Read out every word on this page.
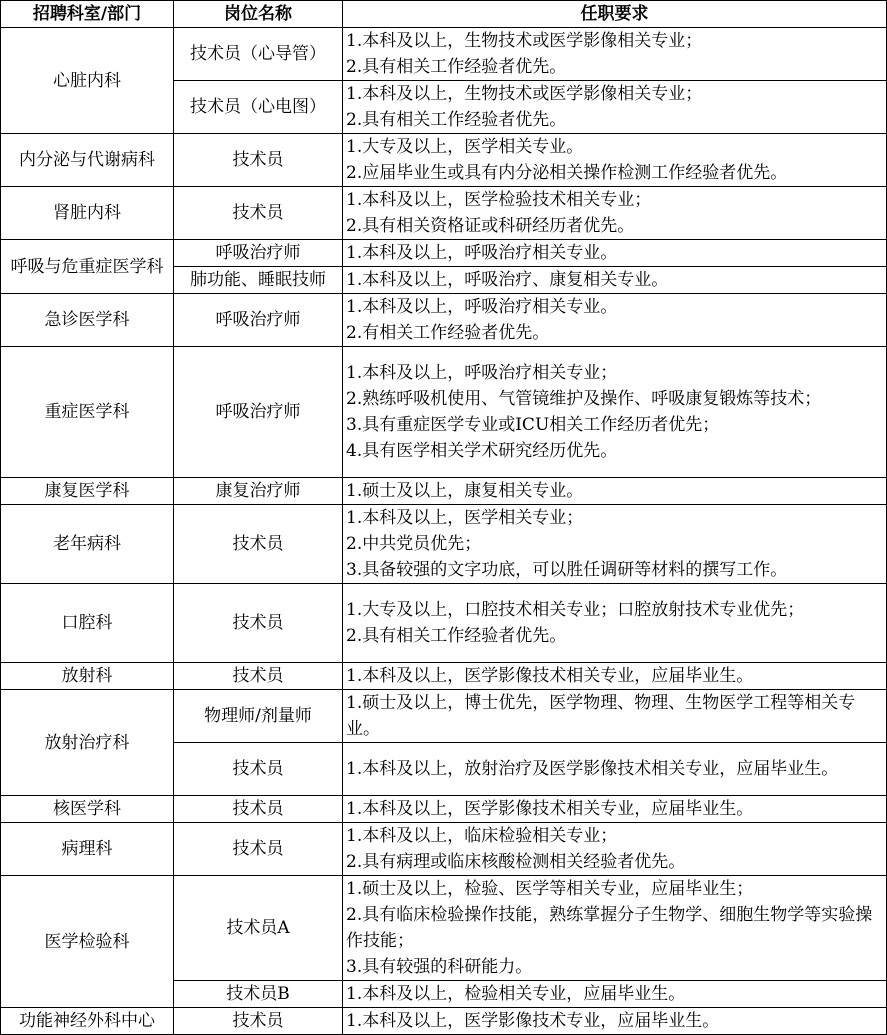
招聘科室/部门	岗位名称	任职要求
心脏内科	技术员（心导管）	1.本科及以上，生物技术或医学影像相关专业；
2.具有相关工作经验者优先。

	技术员（心电图）	1.本科及以上，生物技术或医学影像相关专业；
2.具有相关工作经验者优先。

内分泌与代谢病科	技术员	1.大专及以上，医学相关专业。
2.应届毕业生或具有内分泌相关操作检测工作经验者优先。

肾脏内科	技术员	1.本科及以上，医学检验技术相关专业；
2.具有相关资格证或科研经历者优先。

呼吸与危重症医学科	呼吸治疗师	1.本科及以上，呼吸治疗相关专业。

	肺功能、睡眠技师	1.本科及以上，呼吸治疗、康复相关专业。

急诊医学科	呼吸治疗师	1.本科及以上，呼吸治疗相关专业。
2.有相关工作经验者优先。

重症医学科	呼吸治疗师	1.本科及以上，呼吸治疗相关专业；
2.熟练呼吸机使用、气管镜维护及操作、呼吸康复锻炼等技术；
3.具有重症医学专业或ICU相关工作经历者优先；
4.具有医学相关学术研究经历优先。

康复医学科	康复治疗师	1.硕士及以上，康复相关专业。

老年病科	技术员	1.本科及以上，医学相关专业；
2.中共党员优先；
3.具备较强的文字功底，可以胜任调研等材料的撰写工作。

口腔科	技术员	1.大专及以上，口腔技术相关专业；口腔放射技术专业优先；
2.具有相关工作经验者优先。

放射科	技术员	1.本科及以上，医学影像技术相关专业，应届毕业生。

放射治疗科	物理师/剂量师	1.硕士及以上，博士优先，医学物理、物理、生物医学工程等相关专业。

	技术员	1.本科及以上，放射治疗及医学影像技术相关专业，应届毕业生。

核医学科	技术员	1.本科及以上，医学影像技术相关专业，应届毕业生。

病理科	技术员	1.本科及以上，临床检验相关专业；
2.具有病理或临床核酸检测相关经验者优先。

医学检验科	技术员A	1.硕士及以上，检验、医学等相关专业，应届毕业生；
2.具有临床检验操作技能，熟练掌握分子生物学、细胞生物学等实验操作技能；
3.具有较强的科研能力。

	技术员B	1.本科及以上，检验相关专业，应届毕业生。

功能神经外科中心	技术员	1.本科及以上，医学影像技术专业，应届毕业生。
